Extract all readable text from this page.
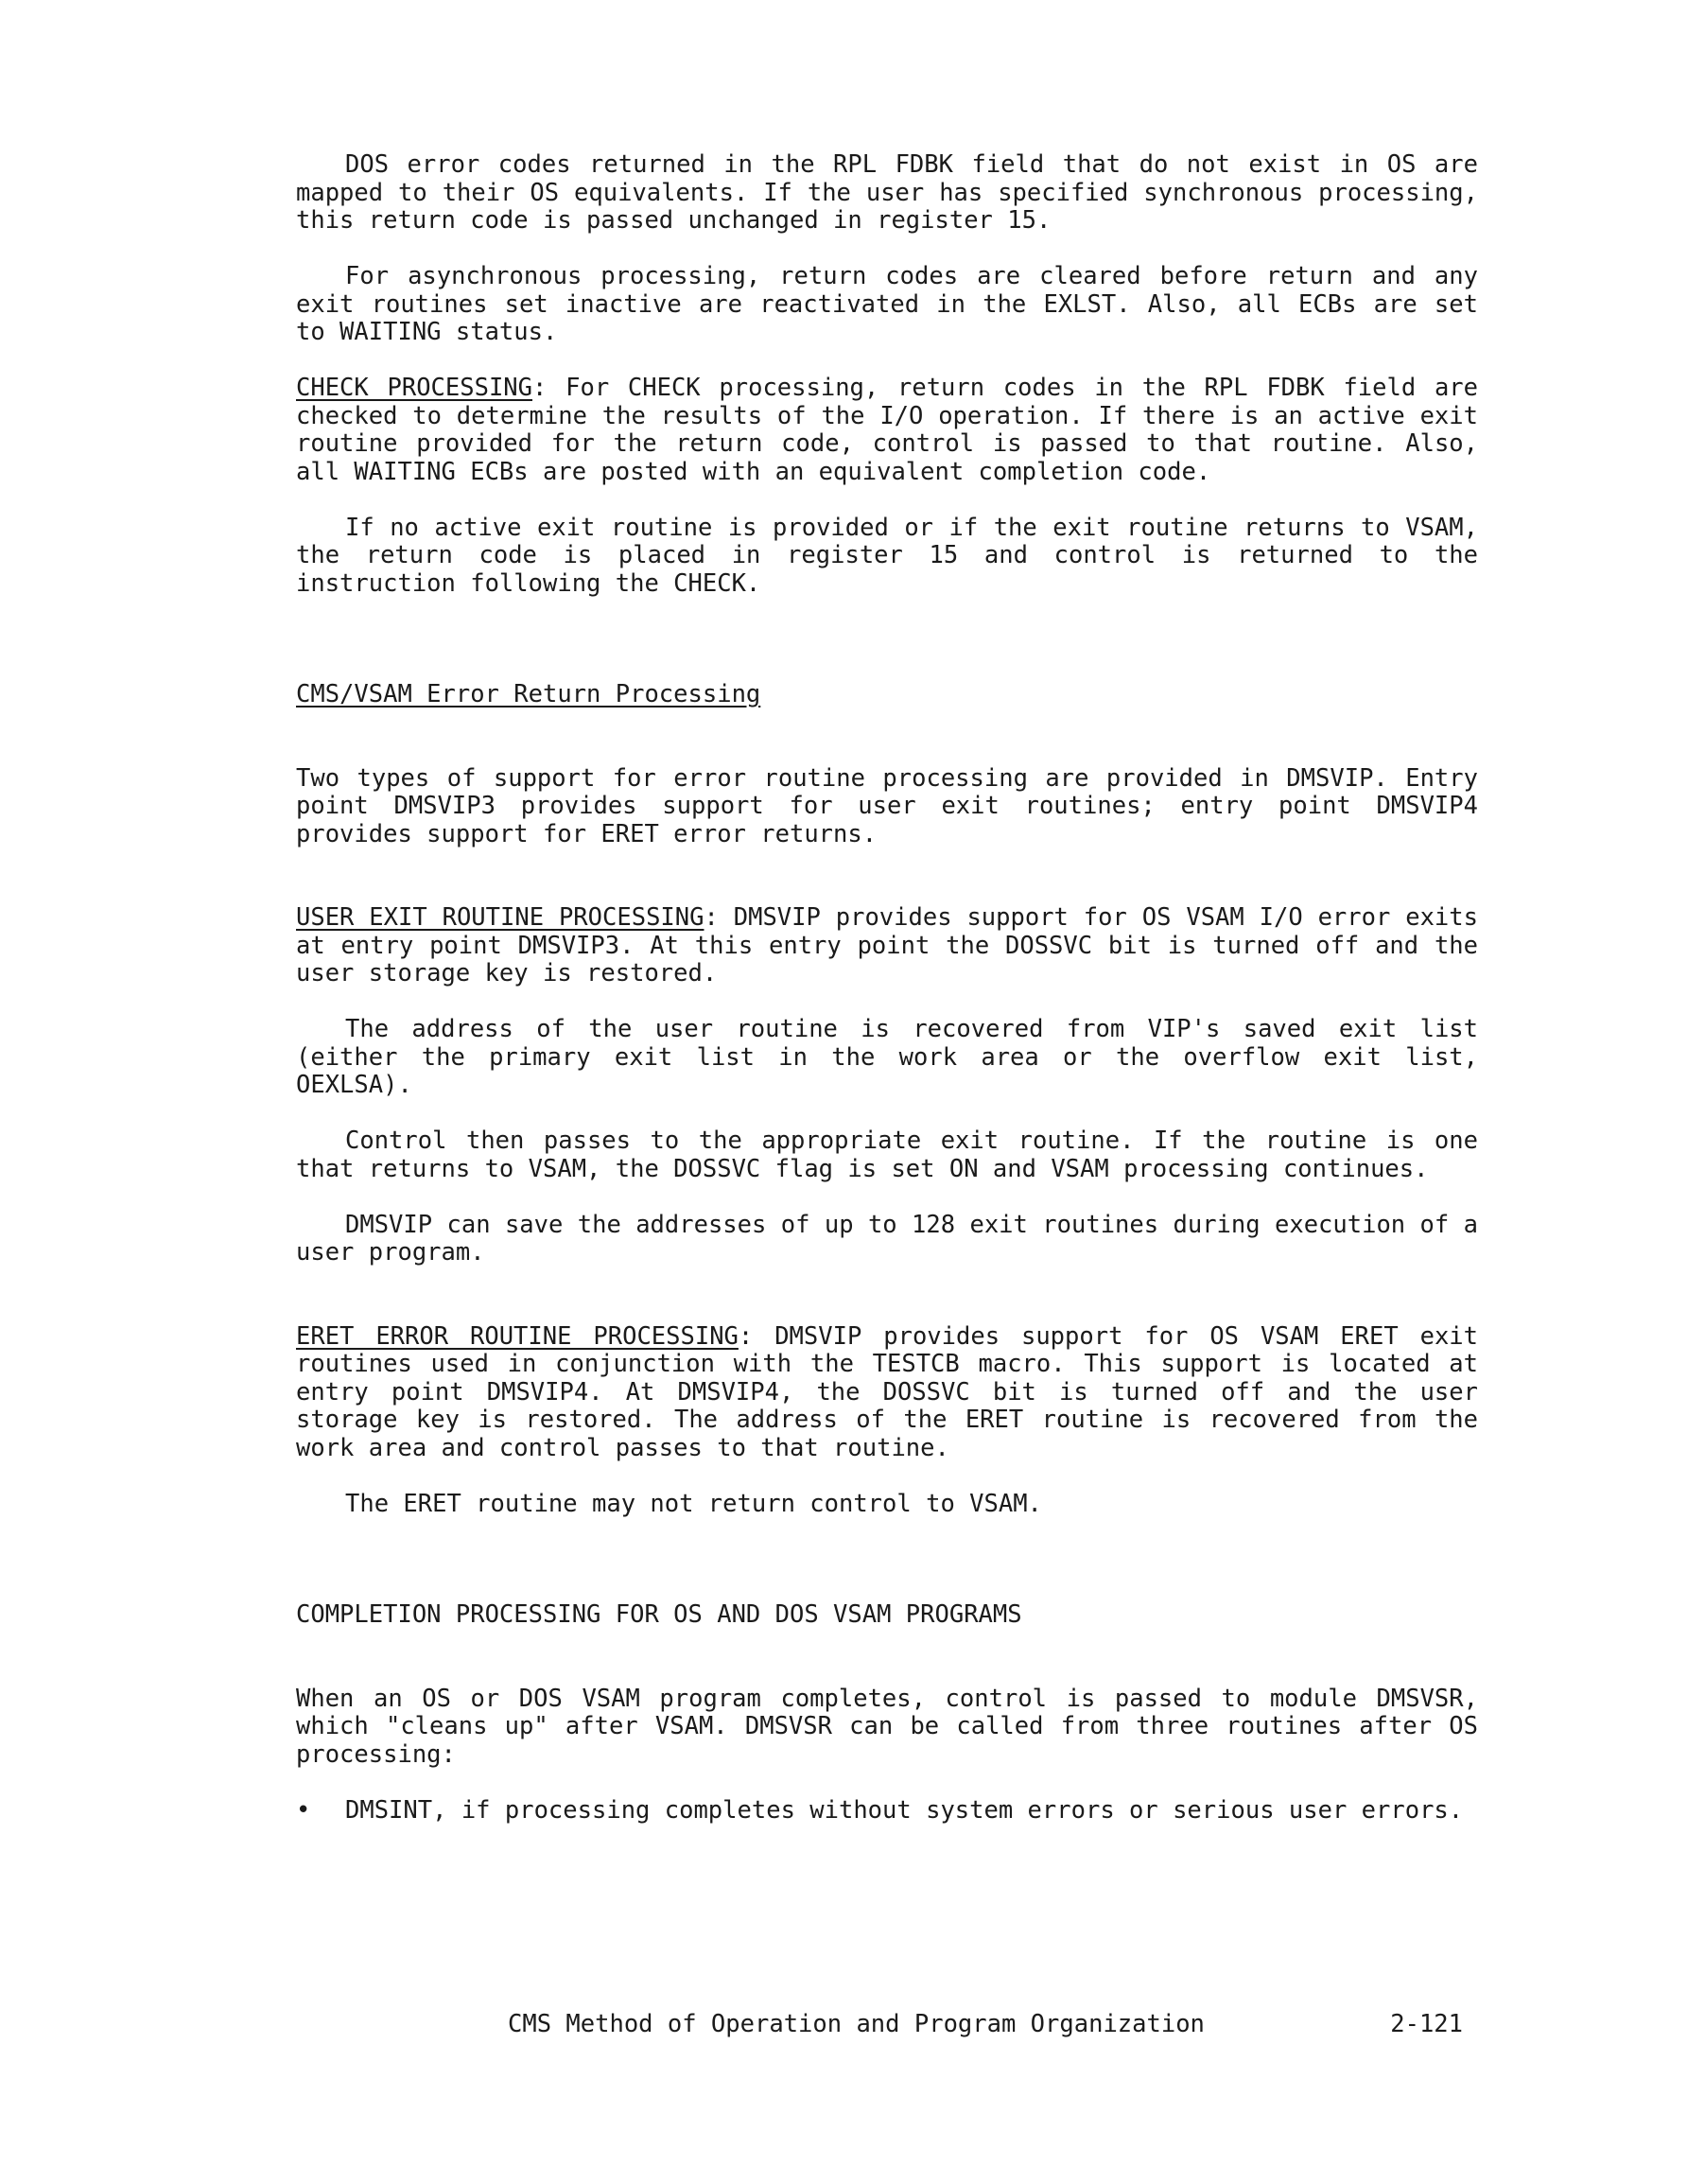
DOS error codes returned in the RPL FDBK field that do not exist in OS are mapped to their OS equivalents. If the user has specified synchronous processing, this return code is passed unchanged in register 15.

For asynchronous processing, return codes are cleared before return and any exit routines set inactive are reactivated in the EXLST. Also, all ECBs are set to WAITING status.

CHECK PROCESSING: For CHECK processing, return codes in the RPL FDBK field are checked to determine the results of the I/O operation. If there is an active exit routine provided for the return code, control is passed to that routine. Also, all WAITING ECBs are posted with an equivalent completion code.

If no active exit routine is provided or if the exit routine returns to VSAM, the return code is placed in register 15 and control is returned to the instruction following the CHECK.

CMS/VSAM Error Return Processing

Two types of support for error routine processing are provided in DMSVIP. Entry point DMSVIP3 provides support for user exit routines; entry point DMSVIP4 provides support for ERET error returns.

USER EXIT ROUTINE PROCESSING: DMSVIP provides support for OS VSAM I/O error exits at entry point DMSVIP3. At this entry point the DOSSVC bit is turned off and the user storage key is restored.

The address of the user routine is recovered from VIP's saved exit list (either the primary exit list in the work area or the overflow exit list, OEXLSA).

Control then passes to the appropriate exit routine. If the routine is one that returns to VSAM, the DOSSVC flag is set ON and VSAM processing continues.

DMSVIP can save the addresses of up to 128 exit routines during execution of a user program.

ERET ERROR ROUTINE PROCESSING: DMSVIP provides support for OS VSAM ERET exit routines used in conjunction with the TESTCB macro. This support is located at entry point DMSVIP4. At DMSVIP4, the DOSSVC bit is turned off and the user storage key is restored. The address of the ERET routine is recovered from the work area and control passes to that routine.

The ERET routine may not return control to VSAM.

COMPLETION PROCESSING FOR OS AND DOS VSAM PROGRAMS

When an OS or DOS VSAM program completes, control is passed to module DMSVSR, which "cleans up" after VSAM. DMSVSR can be called from three routines after OS processing:

• DMSINT, if processing completes without system errors or serious user errors.
CMS Method of Operation and Program Organization	2-121
